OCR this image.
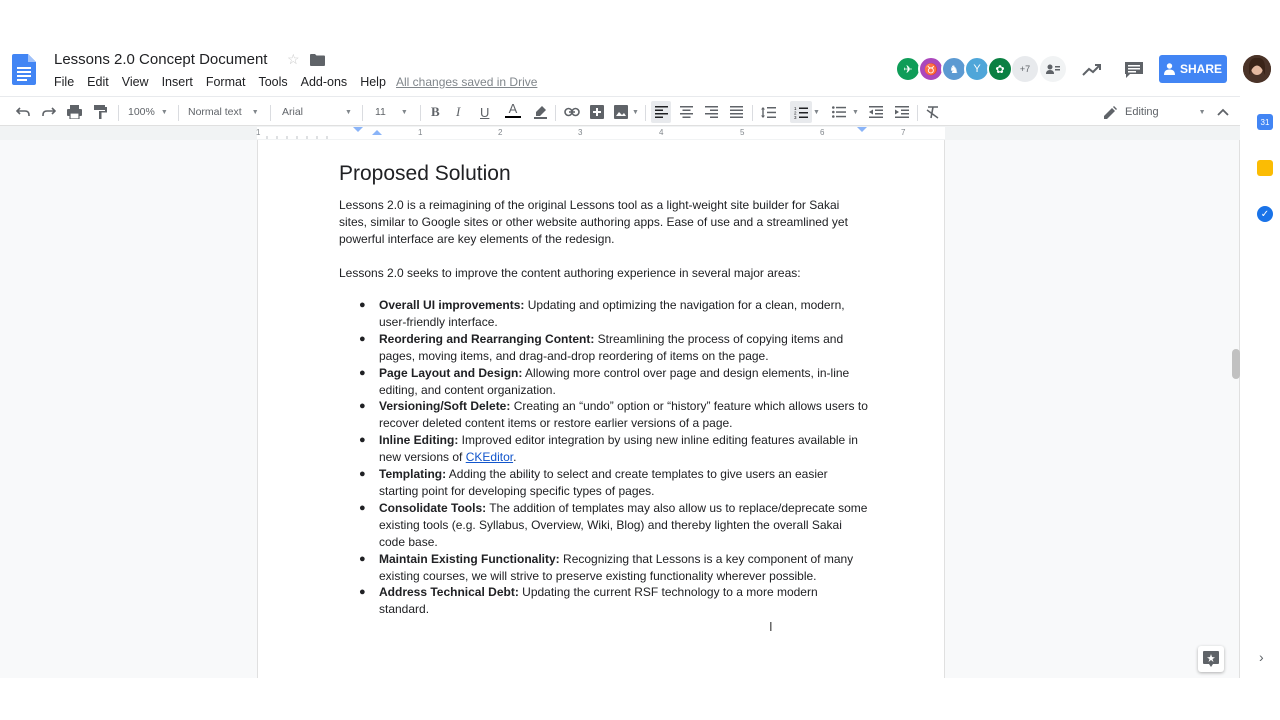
Lessons 2.0 Concept Document ☆
File	Edit	View	Insert	Format	Tools	Add-ons	Help All changes saved in Drive
✈	♉	♞	Y	✿	+7	SHARE
100% ▼ Normal text ▼ Arial	▼ 11 ▼ B I U A	▼
1
2
3
▼	▼	Editing	▼
1	1	2	3	4	5	6	7
Proposed Solution
Lessons 2.0 is a reimagining of the original Lessons tool as a light-weight site builder for Sakai sites, similar to Google sites or other website authoring apps. Ease of use and a streamlined yet powerful interface are key elements of the redesign.
Lessons 2.0 seeks to improve the content authoring experience in several major areas:
● Overall UI improvements: Updating and optimizing the navigation for a clean, modern, user-friendly interface.
● Reordering and Rearranging Content: Streamlining the process of copying items and pages, moving items, and drag-and-drop reordering of items on the page.
● Page Layout and Design: Allowing more control over page and design elements, in-line editing, and content organization.
● Versioning/Soft Delete: Creating an “undo” option or “history” feature which allows users to recover deleted content items or restore earlier versions of a page.
● Inline Editing: Improved editor integration by using new inline editing features available in new versions of CKEditor.
● Templating: Adding the ability to select and create templates to give users an easier starting point for developing specific types of pages.
● Consolidate Tools: The addition of templates may also allow us to replace/deprecate some existing tools (e.g. Syllabus, Overview, Wiki, Blog) and thereby lighten the overall Sakai code base.
● Maintain Existing Functionality: Recognizing that Lessons is a key component of many existing courses, we will strive to preserve existing functionality wherever possible.
● Address Technical Debt: Updating the current RSF technology to a more modern standard.
I
31
✓
›
